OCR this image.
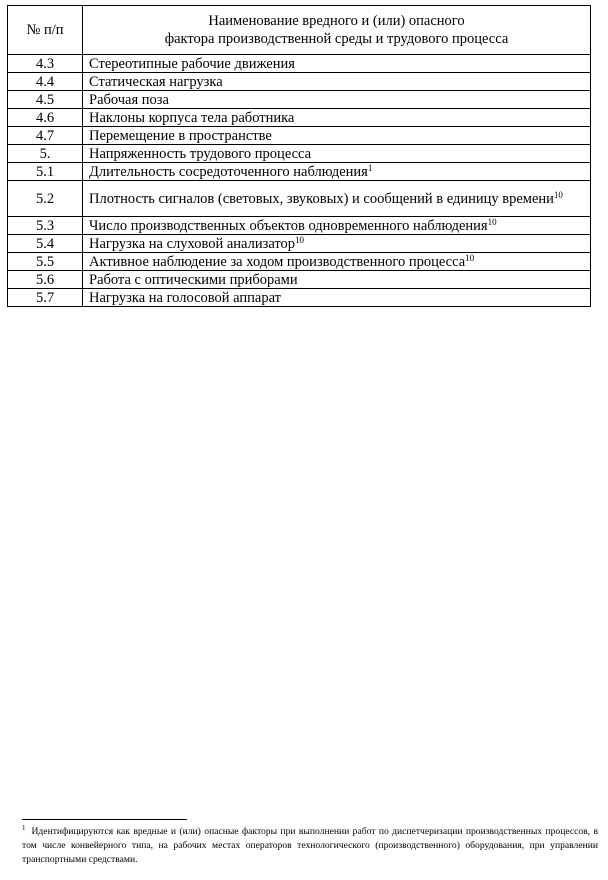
№ п/п	Наименование вредного и (или) опасного
фактора производственной среды и трудового процесса
4.3	Стереотипные рабочие движения
4.4	Статическая нагрузка
4.5	Рабочая поза
4.6	Наклоны корпуса тела работника
4.7	Перемещение в пространстве
5.	Напряженность трудового процесса
5.1	Длительность сосредоточенного наблюдения$^1$
5.2	Плотность сигналов (световых, звуковых) и сообщений в единицу времени$^{10}$
5.3	Число производственных объектов одновременного наблюдения$^{10}$
5.4	Нагрузка на слуховой анализатор$^{10}$
5.5	Активное наблюдение за ходом производственного процесса$^{10}$
5.6	Работа с оптическими приборами
5.7	Нагрузка на голосовой аппарат
$^1$ Идентифицируются как вредные и (или) опасные факторы при выполнении работ по диспетчеризации производственных процессов, в том числе конвейерного типа, на рабочих местах операторов технологического (производственного) оборудования, при управлении транспортными средствами.
